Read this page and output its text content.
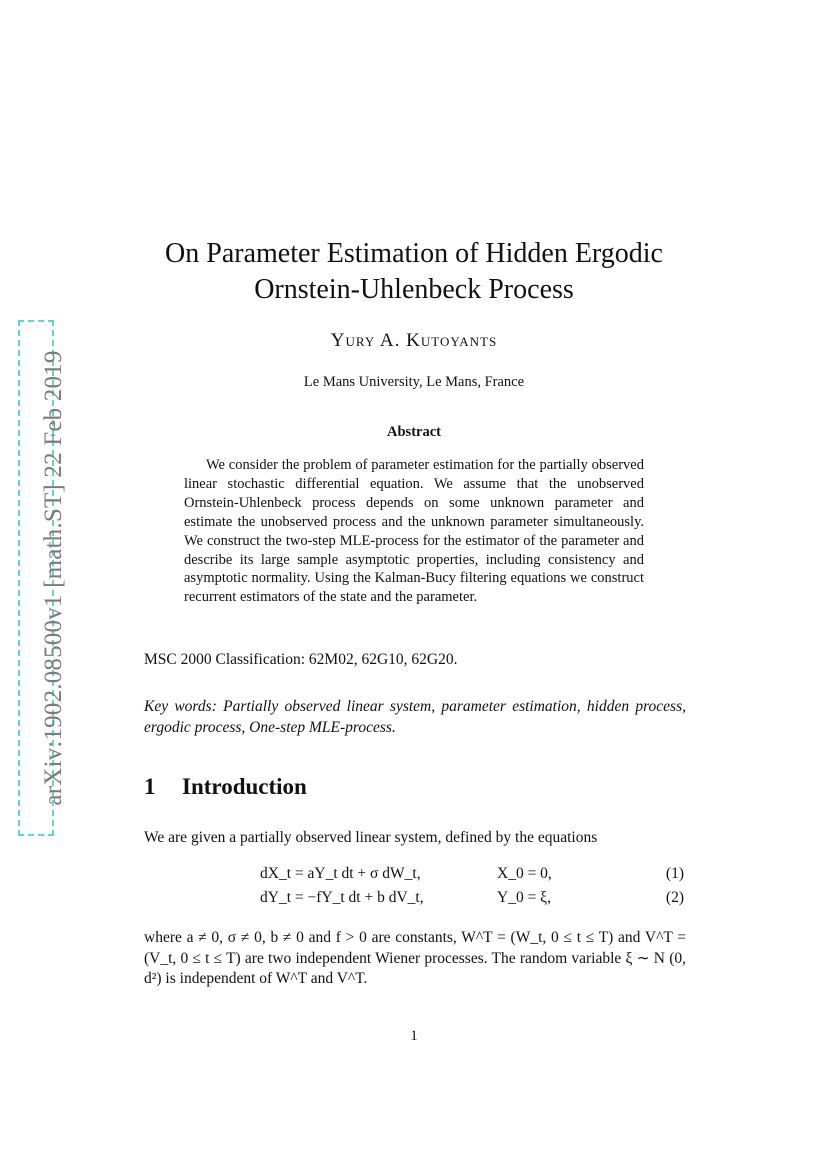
arXiv:1902.08500v1 [math.ST] 22 Feb 2019
On Parameter Estimation of Hidden Ergodic
Ornstein-Uhlenbeck Process
Yury A. Kutoyants
Le Mans University, Le Mans, France
Abstract
We consider the problem of parameter estimation for the partially observed linear stochastic differential equation. We assume that the unobserved Ornstein-Uhlenbeck process depends on some unknown parameter and estimate the unobserved process and the unknown parameter simultaneously. We construct the two-step MLE-process for the estimator of the parameter and describe its large sample asymptotic properties, including consistency and asymptotic normality. Using the Kalman-Bucy filtering equations we construct recurrent estimators of the state and the parameter.
MSC 2000 Classification: 62M02, 62G10, 62G20.
Key words: Partially observed linear system, parameter estimation, hidden process, ergodic process, One-step MLE-process.
1 Introduction
We are given a partially observed linear system, defined by the equations
dX_t = aY_t dt + σ dW_t,	X_0 = 0,	(1)
dY_t = −fY_t dt + b dV_t,	Y_0 = ξ,	(2)
where a ≠ 0, σ ≠ 0, b ≠ 0 and f > 0 are constants, W^T = (W_t, 0 ≤ t ≤ T) and V^T = (V_t, 0 ≤ t ≤ T) are two independent Wiener processes. The random variable ξ ∼ N (0, d²) is independent of W^T and V^T.
1
